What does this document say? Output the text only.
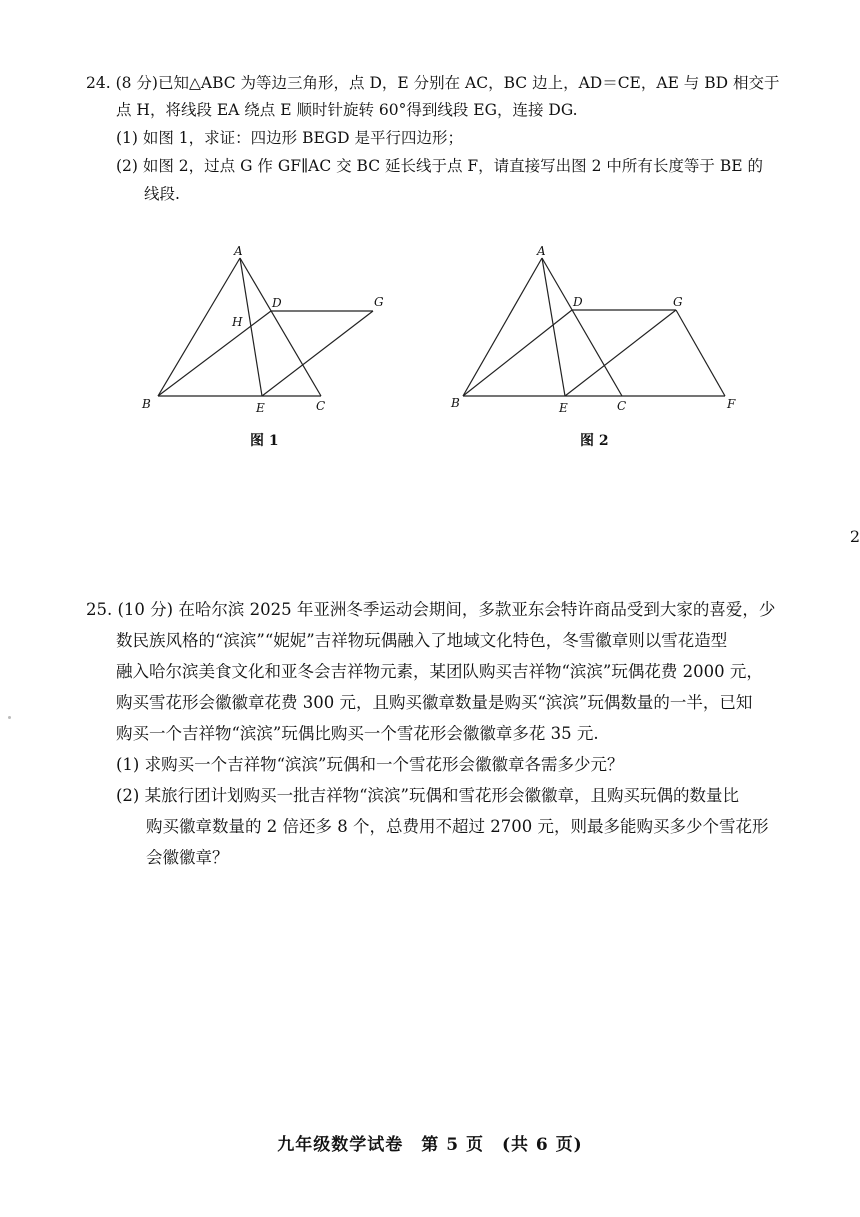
24. (8 分)已知△ABC 为等边三角形，点 D，E 分别在 AC，BC 边上，AD＝CE，AE 与 BD 相交于
点 H，将线段 EA 绕点 E 顺时针旋转 60°得到线段 EG，连接 DG.
(1) 如图 1，求证：四边形 BEGD 是平行四边形；
(2) 如图 2，过点 G 作 GF∥AC 交 BC 延长线于点 F，请直接写出图 2 中所有长度等于 BE 的
线段.
A
B	C
D
E
G
H
图 1
A
B	C
D
E
G
F
图 2
2
25. (10 分) 在哈尔滨 2025 年亚洲冬季运动会期间，多款亚东会特许商品受到大家的喜爱，少
数民族风格的“滨滨”“妮妮”吉祥物玩偶融入了地域文化特色，冬雪徽章则以雪花造型
融入哈尔滨美食文化和亚冬会吉祥物元素，某团队购买吉祥物“滨滨”玩偶花费 2000 元，
购买雪花形会徽徽章花费 300 元，且购买徽章数量是购买“滨滨”玩偶数量的一半，已知
购买一个吉祥物“滨滨”玩偶比购买一个雪花形会徽徽章多花 35 元.
(1) 求购买一个吉祥物“滨滨”玩偶和一个雪花形会徽徽章各需多少元？
(2) 某旅行团计划购买一批吉祥物“滨滨”玩偶和雪花形会徽徽章，且购买玩偶的数量比
购买徽章数量的 2 倍还多 8 个，总费用不超过 2700 元，则最多能购买多少个雪花形
会徽徽章？
九年级数学试卷　第 5 页　(共 6 页)
